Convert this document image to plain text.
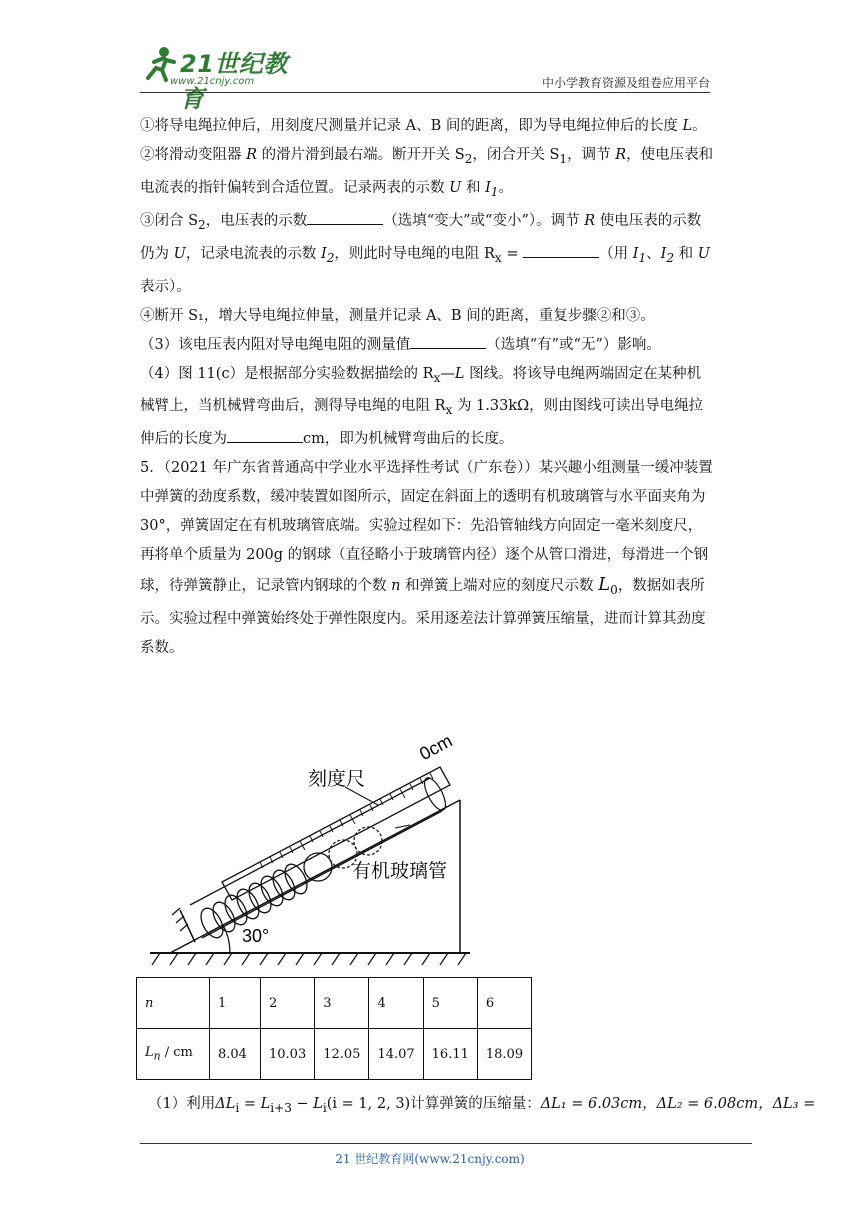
21世纪教育
www.21cnjy.com	中小学教育资源及组卷应用平台

①将导电绳拉伸后，用刻度尺测量并记录 A、B 间的距离，即为导电绳拉伸后的长度 L。

②将滑动变阻器 R 的滑片滑到最右端。断开开关 $S_2$，闭合开关 $S_1$，调节 R，使电压表和电流表的指针偏转到合适位置。记录两表的示数 U 和 $I_1$。

③闭合 $S_2$，电压表的示数	（选填“变大”或“变小”）。调节 R 使电压表的示数仍为 U，记录电流表的示数 $I_2$，则此时导电绳的电阻 $R_x$ =	（用 $I_1$、$I_2$ 和 U 表示）。

④断开 S₁，增大导电绳拉伸量，测量并记录 A、B 间的距离，重复步骤②和③。

（3）该电压表内阻对导电绳电阻的测量值	（选填“有”或“无”）影响。

（4）图 11(c）是根据部分实验数据描绘的 $R_x—L$ 图线。将该导电绳两端固定在某种机械臂上，当机械臂弯曲后，测得导电绳的电阻 $R_x$ 为 1.33kΩ，则由图线可读出导电绳拉伸后的长度为	cm，即为机械臂弯曲后的长度。

5．（2021 年广东省普通高中学业水平选择性考试（广东卷））某兴趣小组测量一缓冲装置中弹簧的劲度系数，缓冲装置如图所示，固定在斜面上的透明有机玻璃管与水平面夹角为 30°，弹簧固定在有机玻璃管底端。实验过程如下：先沿管轴线方向固定一毫米刻度尺，再将单个质量为 200g 的钢球（直径略小于玻璃管内径）逐个从管口滑进，每滑进一个钢球，待弹簧静止，记录管内钢球的个数 n 和弹簧上端对应的刻度尺示数 $L_0$，数据如表所示。实验过程中弹簧始终处于弹性限度内。采用逐差法计算弹簧压缩量，进而计算其劲度系数。

0cm
刻度尺
有机玻璃管
30°
n	1	2	3	4	5	6
$L_n$ / cm	8.04	10.03	12.05	14.07	16.11	18.09
（1）利用$\Delta L_i = L_{i+3} - L_i(i = 1$, 2, 3)计算弹簧的压缩量：ΔL₁ = 6.03cm，ΔL₂ = 6.08cm，ΔL₃ =
21 世纪教育网(www.21cnjy.com)
